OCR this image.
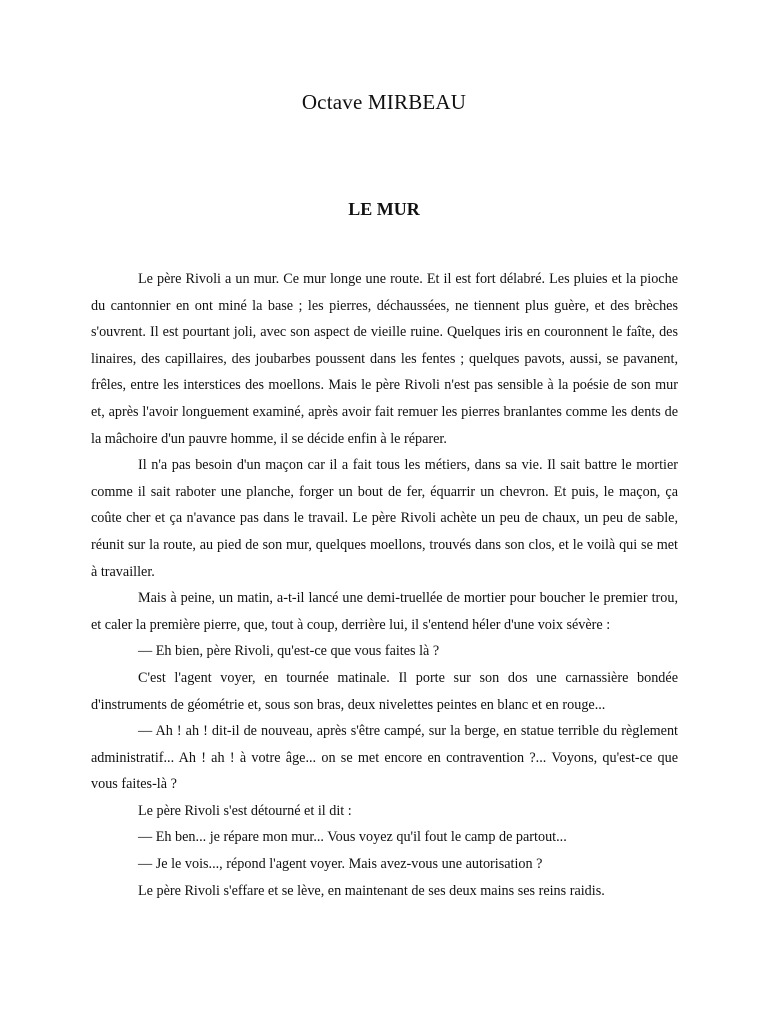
Octave MIRBEAU
LE MUR

Le père Rivoli a un mur. Ce mur longe une route. Et il est fort délabré. Les pluies et la pioche du cantonnier en ont miné la base ; les pierres, déchaussées, ne tiennent plus guère, et des brèches s'ouvrent. Il est pourtant joli, avec son aspect de vieille ruine. Quelques iris en couronnent le faîte, des linaires, des capillaires, des joubarbes poussent dans les fentes ; quelques pavots, aussi, se pavanent, frêles, entre les interstices des moellons. Mais le père Rivoli n'est pas sensible à la poésie de son mur et, après l'avoir longuement examiné, après avoir fait remuer les pierres branlantes comme les dents de la mâchoire d'un pauvre homme, il se décide enfin à le réparer.

Il n'a pas besoin d'un maçon car il a fait tous les métiers, dans sa vie. Il sait battre le mortier comme il sait raboter une planche, forger un bout de fer, équarrir un chevron. Et puis, le maçon, ça coûte cher et ça n'avance pas dans le travail. Le père Rivoli achète un peu de chaux, un peu de sable, réunit sur la route, au pied de son mur, quelques moellons, trouvés dans son clos, et le voilà qui se met à travailler.

Mais à peine, un matin, a-t-il lancé une demi-truellée de mortier pour boucher le premier trou, et caler la première pierre, que, tout à coup, derrière lui, il s'entend héler d'une voix sévère :

— Eh bien, père Rivoli, qu'est-ce que vous faites là ?

C'est l'agent voyer, en tournée matinale. Il porte sur son dos une carnassière bondée d'instruments de géométrie et, sous son bras, deux nivelettes peintes en blanc et en rouge...

— Ah ! ah ! dit-il de nouveau, après s'être campé, sur la berge, en statue terrible du règlement administratif... Ah ! ah ! à votre âge... on se met encore en contravention ?... Voyons, qu'est-ce que vous faites-là ?

Le père Rivoli s'est détourné et il dit :

— Eh ben... je répare mon mur... Vous voyez qu'il fout le camp de partout...

— Je le vois..., répond l'agent voyer. Mais avez-vous une autorisation ?

Le père Rivoli s'effare et se lève, en maintenant de ses deux mains ses reins raidis.
